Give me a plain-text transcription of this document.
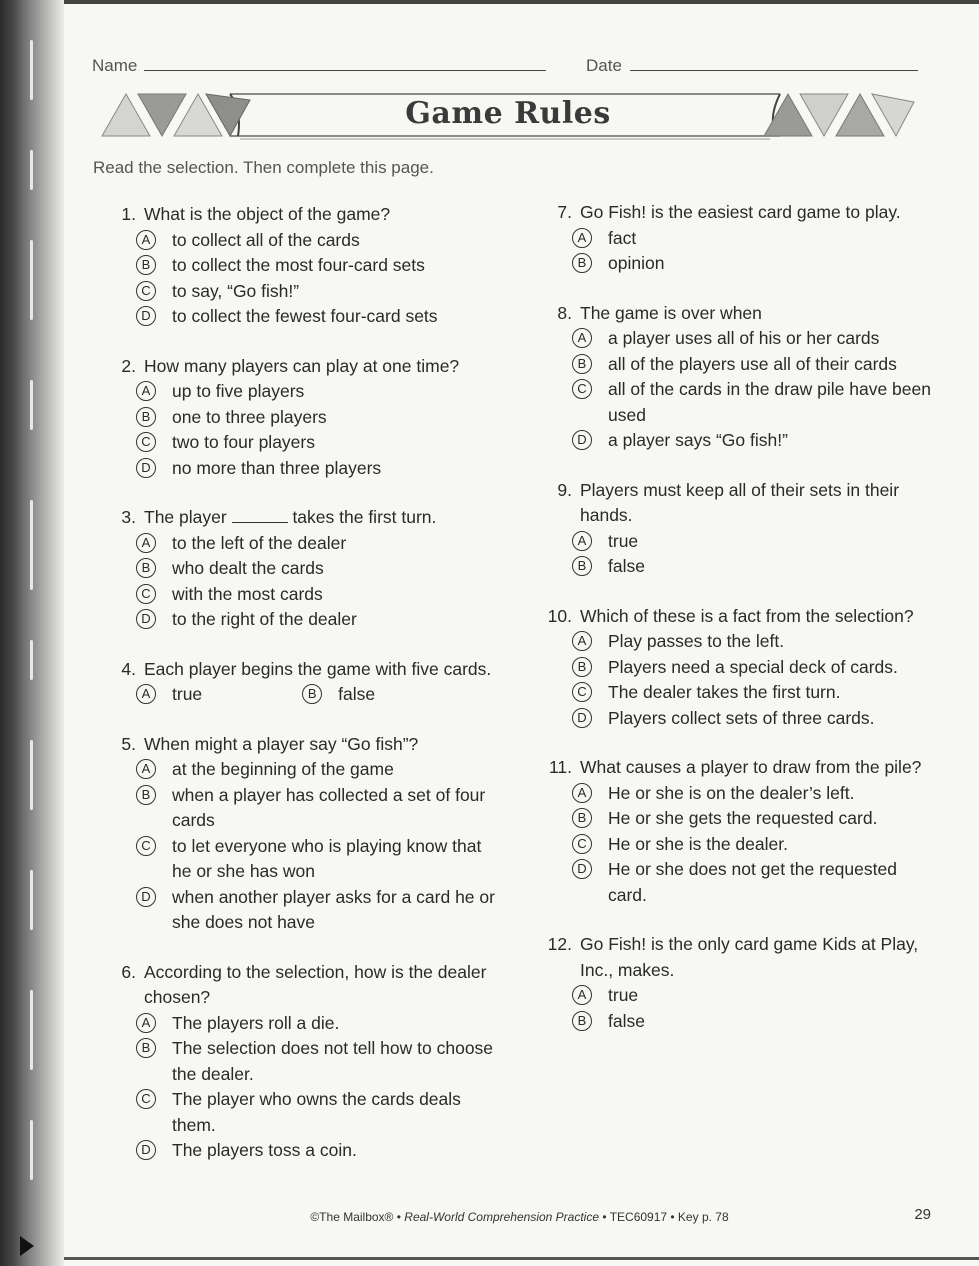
Name	Date
Game Rules
Read the selection. Then complete this page.
1. What is the object of the game?
A	to collect all of the cards
B	to collect the most four-card sets
C	to say, “Go fish!”
D	to collect the fewest four-card sets
2. How many players can play at one time?
A	up to five players
B	one to three players
C	two to four players
D	no more than three players
3. The player	takes the first turn.
A	to the left of the dealer
B	who dealt the cards
C	with the most cards
D	to the right of the dealer
4. Each player begins the game with five cards.
A	true	B	false
5. When might a player say “Go fish”?
A	at the beginning of the game
B	when a player has collected a set of four cards
C	to let everyone who is playing know that he or she has won
D	when another player asks for a card he or she does not have
6. According to the selection, how is the dealer chosen?
A	The players roll a die.
B	The selection does not tell how to choose the dealer.
C	The player who owns the cards deals them.
D	The players toss a coin.
7. Go Fish! is the easiest card game to play.
A	fact
B	opinion
8. The game is over when
A	a player uses all of his or her cards
B	all of the players use all of their cards
C	all of the cards in the draw pile have been used
D	a player says “Go fish!”
9. Players must keep all of their sets in their hands.
A	true
B	false
10. Which of these is a fact from the selection?
A	Play passes to the left.
B	Players need a special deck of cards.
C	The dealer takes the first turn.
D	Players collect sets of three cards.
11. What causes a player to draw from the pile?
A	He or she is on the dealer’s left.
B	He or she gets the requested card.
C	He or she is the dealer.
D	He or she does not get the requested card.
12. Go Fish! is the only card game Kids at Play, Inc., makes.
A	true
B	false
©The Mailbox® • Real-World Comprehension Practice • TEC60917 • Key p. 78	29
